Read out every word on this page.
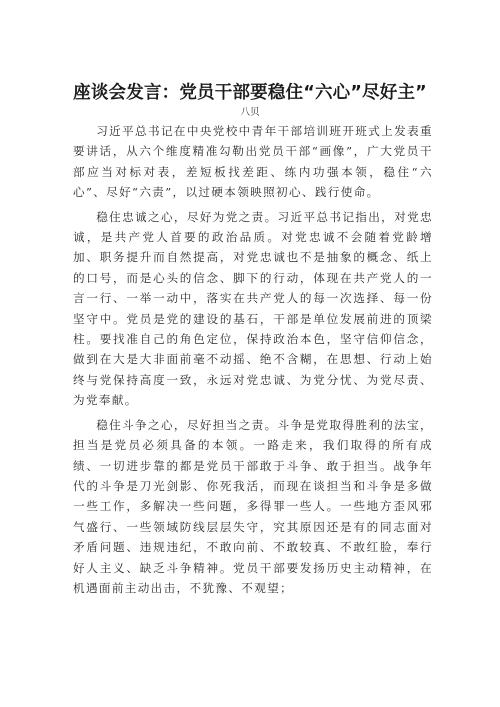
座谈会发言：党员干部要稳住“六心”尽好主”
八贝

习近平总书记在中央党校中青年干部培训班开班式上发表重要讲话，从六个维度精准勾勒出党员干部“画像”，广大党员干部应当对标对表，差短板找差距、练内功强本领，稳住“六心”、尽好“六责”，以过硬本领映照初心、践行使命。

稳住忠诚之心，尽好为党之责。习近平总书记指出，对党忠诚，是共产党人首要的政治品质。对党忠诚不会随着党龄增加、职务提升而自然提高，对党忠诚也不是抽象的概念、纸上的口号，而是心头的信念、脚下的行动，体现在共产党人的一言一行、一举一动中，落实在共产党人的每一次选择、每一份坚守中。党员是党的建设的基石，干部是单位发展前进的顶梁柱。要找准自己的角色定位，保持政治本色，坚守信仰信念，做到在大是大非面前毫不动摇、绝不含糊，在思想、行动上始终与党保持高度一致，永远对党忠诚、为党分忧、为党尽责、为党奉献。

稳住斗争之心，尽好担当之责。斗争是党取得胜利的法宝，担当是党员必须具备的本领。一路走来，我们取得的所有成绩、一切进步靠的都是党员干部敢于斗争、敢于担当。战争年代的斗争是刀光剑影、你死我活，而现在谈担当和斗争是多做一些工作，多解决一些问题，多得罪一些人。一些地方歪风邪气盛行、一些领域防线层层失守，究其原因还是有的同志面对矛盾问题、违规违纪，不敢向前、不敢较真、不敢红脸，奉行好人主义、缺乏斗争精神。党员干部要发扬历史主动精神，在机遇面前主动出击，不犹豫、不观望；
